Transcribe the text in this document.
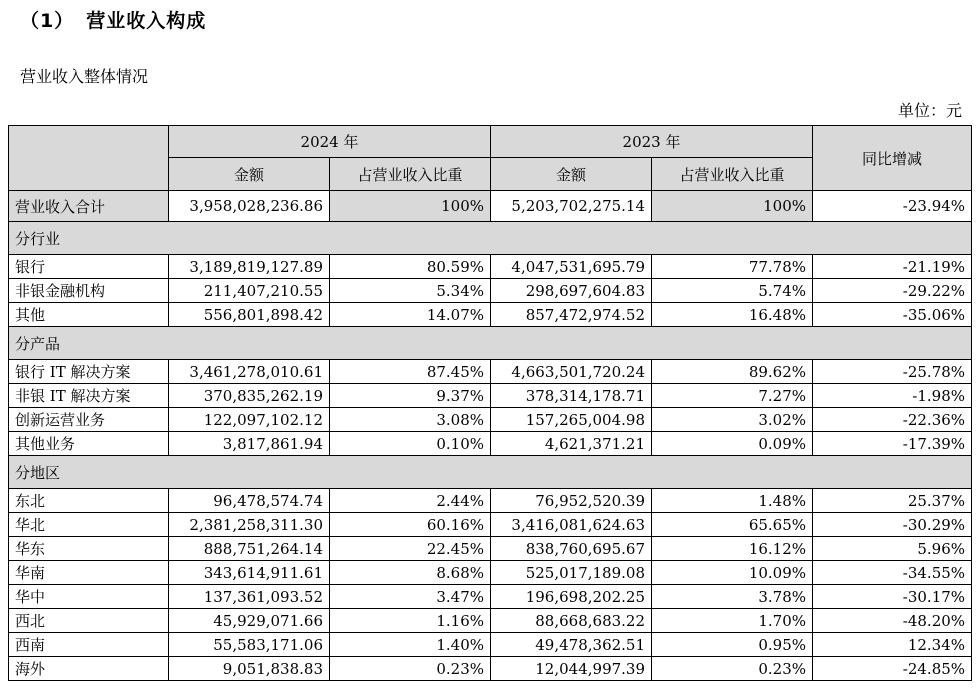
（1） 营业收入构成
营业收入整体情况
单位：元
	2024 年		2023 年		同比增减
	金额	占营业收入比重	金额	占营业收入比重	
营业收入合计	3,958,028,236.86	100%	5,203,702,275.14	100%	-23.94%
分行业					
银行	3,189,819,127.89	80.59%	4,047,531,695.79	77.78%	-21.19%
非银金融机构	211,407,210.55	5.34%	298,697,604.83	5.74%	-29.22%
其他	556,801,898.42	14.07%	857,472,974.52	16.48%	-35.06%
分产品					
银行 IT 解决方案	3,461,278,010.61	87.45%	4,663,501,720.24	89.62%	-25.78%
非银 IT 解决方案	370,835,262.19	9.37%	378,314,178.71	7.27%	-1.98%
创新运营业务	122,097,102.12	3.08%	157,265,004.98	3.02%	-22.36%
其他业务	3,817,861.94	0.10%	4,621,371.21	0.09%	-17.39%
分地区					
东北	96,478,574.74	2.44%	76,952,520.39	1.48%	25.37%
华北	2,381,258,311.30	60.16%	3,416,081,624.63	65.65%	-30.29%
华东	888,751,264.14	22.45%	838,760,695.67	16.12%	5.96%
华南	343,614,911.61	8.68%	525,017,189.08	10.09%	-34.55%
华中	137,361,093.52	3.47%	196,698,202.25	3.78%	-30.17%
西北	45,929,071.66	1.16%	88,668,683.22	1.70%	-48.20%
西南	55,583,171.06	1.40%	49,478,362.51	0.95%	12.34%
海外	9,051,838.83	0.23%	12,044,997.39	0.23%	-24.85%
